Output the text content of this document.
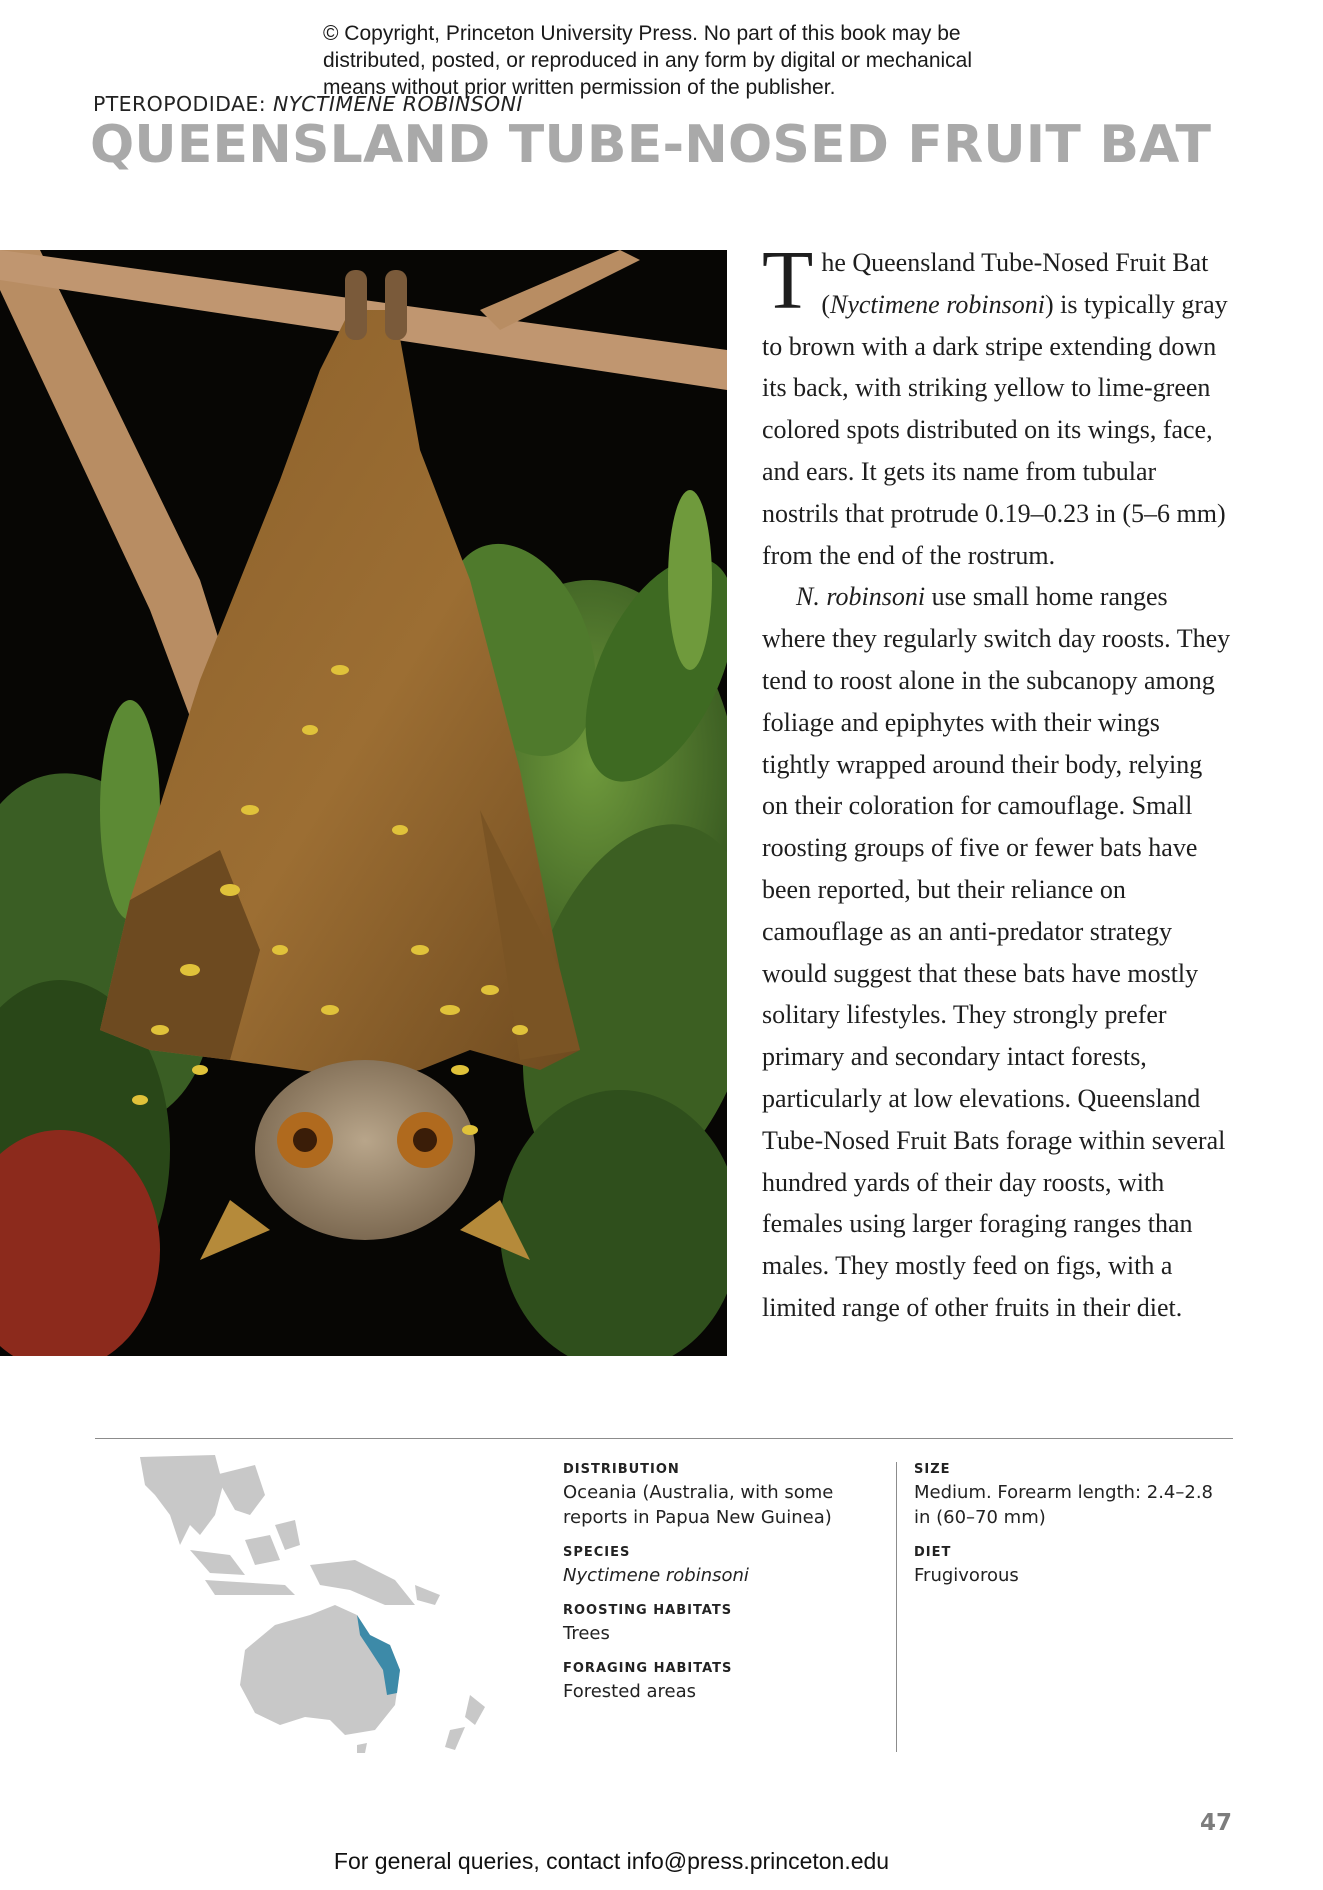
© Copyright, Princeton University Press. No part of this book may be distributed, posted, or reproduced in any form by digital or mechanical means without prior written permission of the publisher.
PTEROPODIDAE: NYCTIMENE ROBINSONI
QUEENSLAND TUBE-NOSED FRUIT BAT

The Queensland Tube-Nosed Fruit Bat (Nyctimene robinsoni) is typically gray to brown with a dark stripe extending down its back, with striking yellow to lime-green colored spots distributed on its wings, face, and ears. It gets its name from tubular nostrils that protrude 0.19–0.23 in (5–6 mm) from the end of the rostrum.

N. robinsoni use small home ranges where they regularly switch day roosts. They tend to roost alone in the subcanopy among foliage and epiphytes with their wings tightly wrapped around their body, relying on their coloration for camouflage. Small roosting groups of five or fewer bats have been reported, but their reliance on camouflage as an anti-predator strategy would suggest that these bats have mostly solitary lifestyles. They strongly prefer primary and secondary intact forests, particularly at low elevations. Queensland Tube-Nosed Fruit Bats forage within several hundred yards of their day roosts, with females using larger foraging ranges than males. They mostly feed on figs, with a limited range of other fruits in their diet.

DISTRIBUTION
Oceania (Australia, with some reports in Papua New Guinea)
SPECIES
Nyctimene robinsoni
ROOSTING HABITATS
Trees
FORAGING HABITATS
Forested areas
SIZE
Medium. Forearm length: 2.4–2.8 in (60–70 mm)
DIET
Frugivorous
47
For general queries, contact info@press.princeton.edu
